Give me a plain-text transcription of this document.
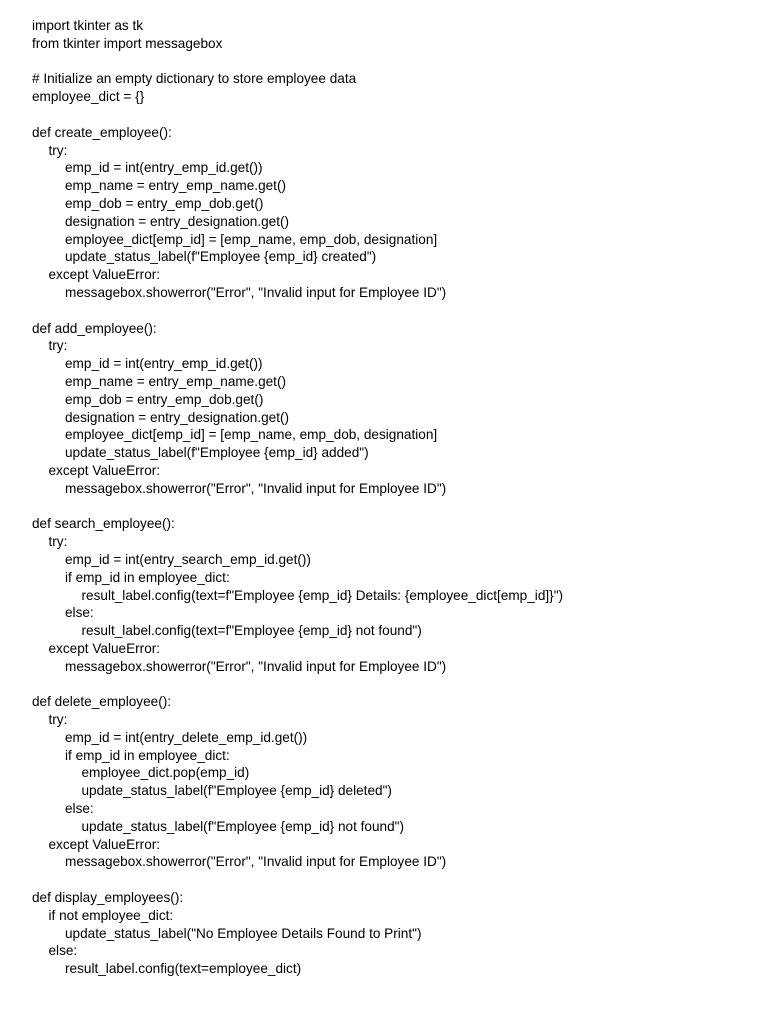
import tkinter as tk
from tkinter import messagebox
# Initialize an empty dictionary to store employee data
employee_dict = {}
def create_employee():
try:
emp_id = int(entry_emp_id.get())
emp_name = entry_emp_name.get()
emp_dob = entry_emp_dob.get()
designation = entry_designation.get()
employee_dict[emp_id] = [emp_name, emp_dob, designation]
update_status_label(f"Employee {emp_id} created")
except ValueError:
messagebox.showerror("Error", "Invalid input for Employee ID")
def add_employee():
try:
emp_id = int(entry_emp_id.get())
emp_name = entry_emp_name.get()
emp_dob = entry_emp_dob.get()
designation = entry_designation.get()
employee_dict[emp_id] = [emp_name, emp_dob, designation]
update_status_label(f"Employee {emp_id} added")
except ValueError:
messagebox.showerror("Error", "Invalid input for Employee ID")
def search_employee():
try:
emp_id = int(entry_search_emp_id.get())
if emp_id in employee_dict:
result_label.config(text=f"Employee {emp_id} Details: {employee_dict[emp_id]}")
else:
result_label.config(text=f"Employee {emp_id} not found")
except ValueError:
messagebox.showerror("Error", "Invalid input for Employee ID")
def delete_employee():
try:
emp_id = int(entry_delete_emp_id.get())
if emp_id in employee_dict:
employee_dict.pop(emp_id)
update_status_label(f"Employee {emp_id} deleted")
else:
update_status_label(f"Employee {emp_id} not found")
except ValueError:
messagebox.showerror("Error", "Invalid input for Employee ID")
def display_employees():
if not employee_dict:
update_status_label("No Employee Details Found to Print")
else:
result_label.config(text=employee_dict)
